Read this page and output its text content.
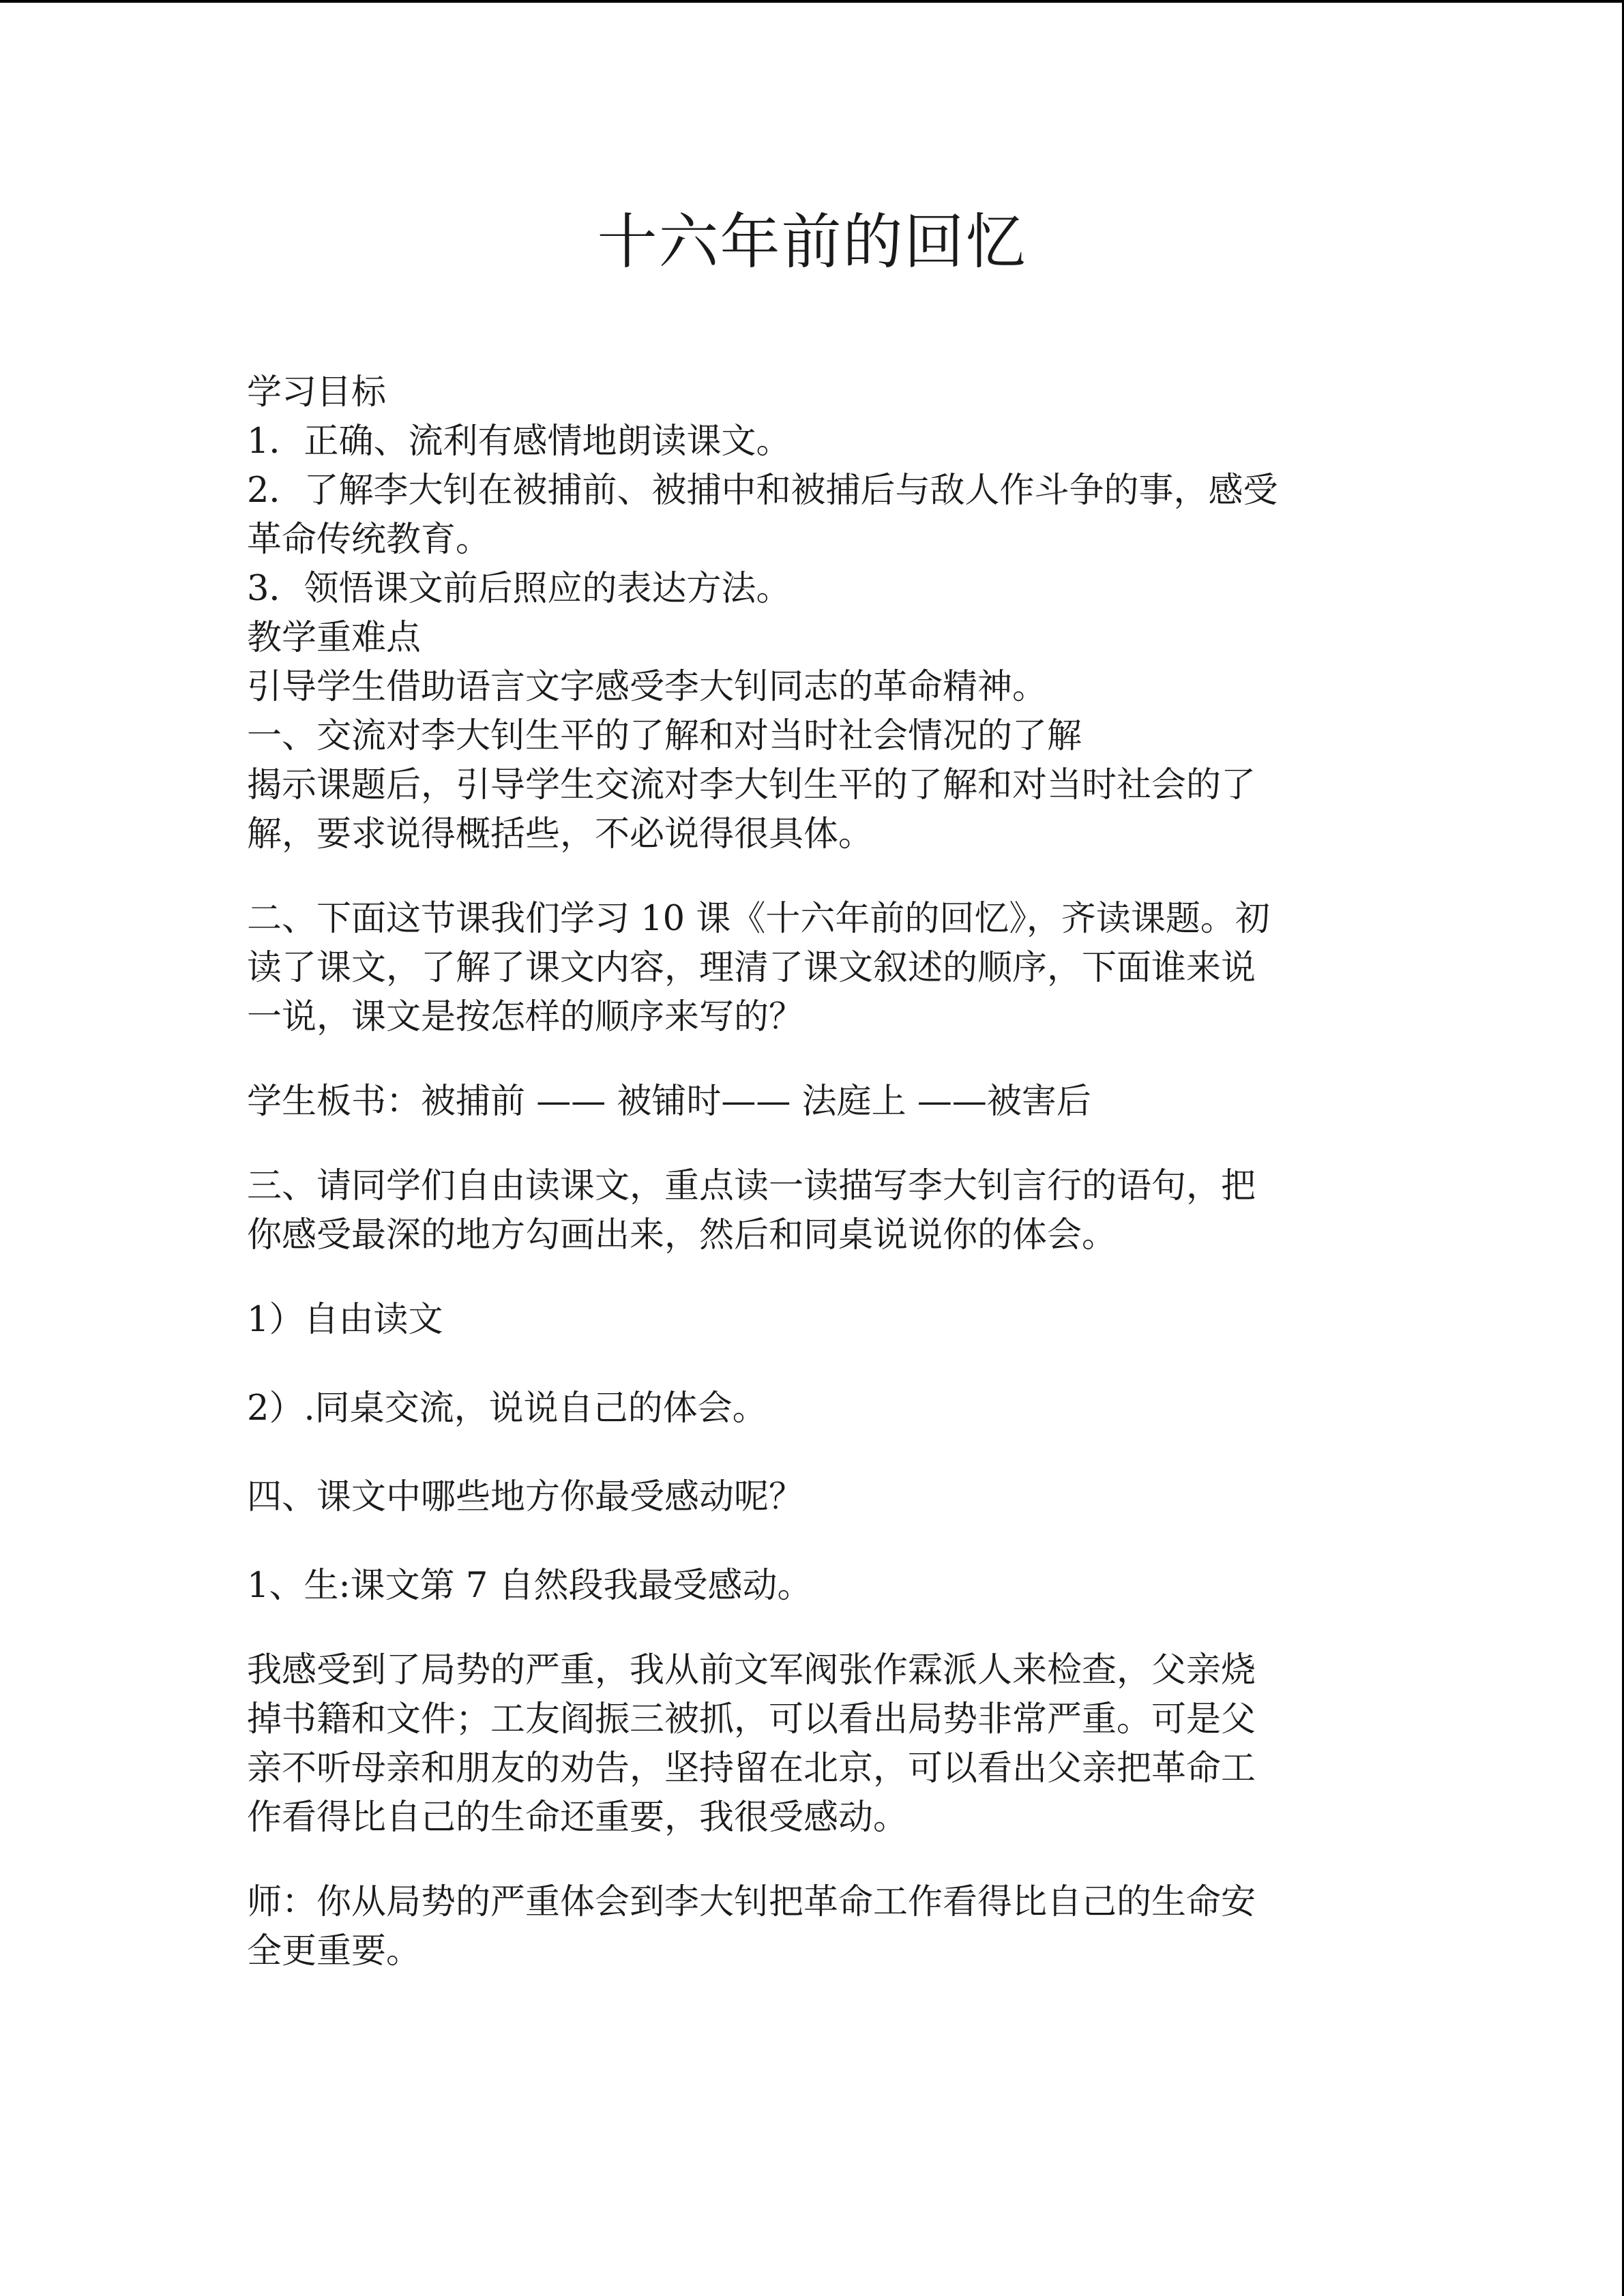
十六年前的回忆
学习目标
1．正确、流利有感情地朗读课文。
2．了解李大钊在被捕前、被捕中和被捕后与敌人作斗争的事，感受
革命传统教育。
3．领悟课文前后照应的表达方法。
教学重难点
引导学生借助语言文字感受李大钊同志的革命精神。
一、交流对李大钊生平的了解和对当时社会情况的了解
揭示课题后，引导学生交流对李大钊生平的了解和对当时社会的了
解，要求说得概括些，不必说得很具体。
二、下面这节课我们学习 10 课《十六年前的回忆》，齐读课题。初
读了课文，了解了课文内容，理清了课文叙述的顺序，下面谁来说
一说，课文是按怎样的顺序来写的？
学生板书：被捕前 —— 被铺时—— 法庭上 ——被害后
三、请同学们自由读课文，重点读一读描写李大钊言行的语句，把
你感受最深的地方勾画出来，然后和同桌说说你的体会。
1）自由读文
2）.同桌交流，说说自己的体会。
四、课文中哪些地方你最受感动呢？
1、生:课文第 7 自然段我最受感动。
我感受到了局势的严重，我从前文军阀张作霖派人来检查，父亲烧
掉书籍和文件；工友阎振三被抓，可以看出局势非常严重。可是父
亲不听母亲和朋友的劝告，坚持留在北京，可以看出父亲把革命工
作看得比自己的生命还重要，我很受感动。
师：你从局势的严重体会到李大钊把革命工作看得比自己的生命安
全更重要。
